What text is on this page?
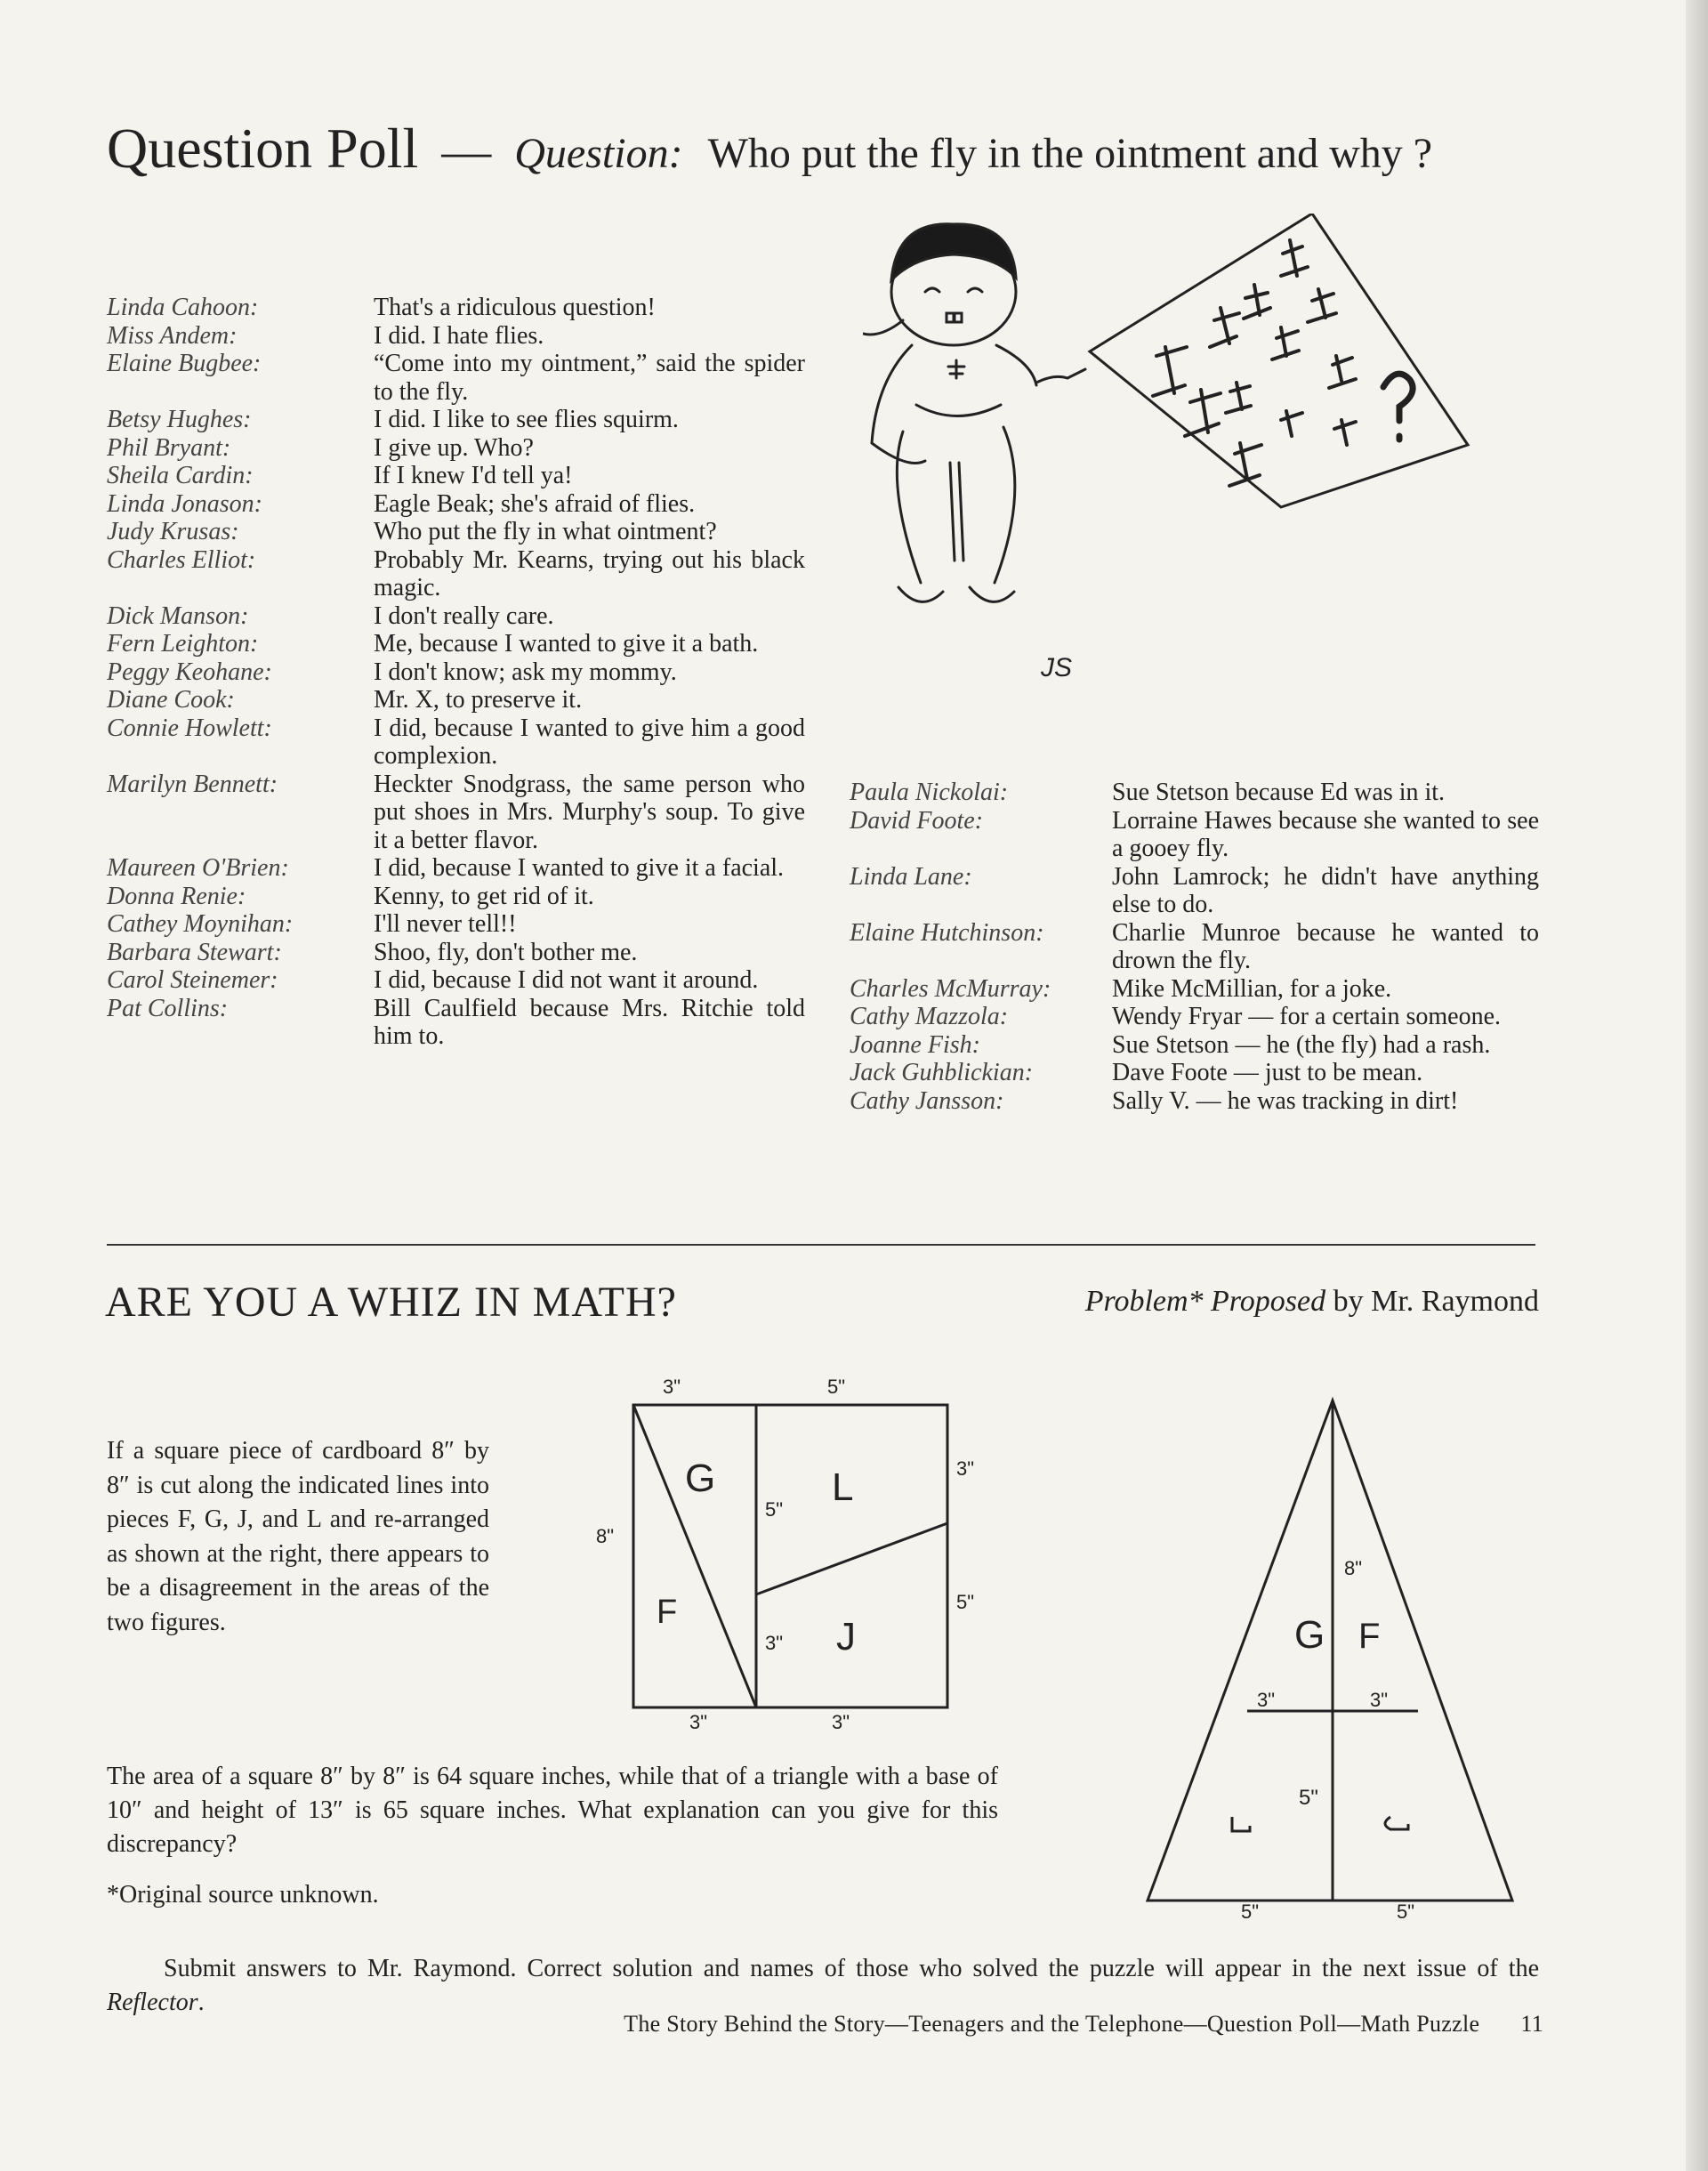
Question Poll — Question: Who put the fly in the ointment and why ?
Linda Cahoon:	That's a ridiculous question!
Miss Andem:	I did. I hate flies.
Elaine Bugbee:	“Come into my ointment,” said the spider to the fly.
Betsy Hughes:	I did. I like to see flies squirm.
Phil Bryant:	I give up. Who?
Sheila Cardin:	If I knew I'd tell ya!
Linda Jonason:	Eagle Beak; she's afraid of flies.
Judy Krusas:	Who put the fly in what ointment?
Charles Elliot:	Probably Mr. Kearns, trying out his black magic.
Dick Manson:	I don't really care.
Fern Leighton:	Me, because I wanted to give it a bath.
Peggy Keohane:	I don't know; ask my mommy.
Diane Cook:	Mr. X, to preserve it.
Connie Howlett:	I did, because I wanted to give him a good complexion.
Marilyn Bennett:	Heckter Snodgrass, the same person who put shoes in Mrs. Murphy's soup. To give it a better flavor.
Maureen O'Brien:	I did, because I wanted to give it a facial.
Donna Renie:	Kenny, to get rid of it.
Cathey Moynihan:	I'll never tell!!
Barbara Stewart:	Shoo, fly, don't bother me.
Carol Steinemer:	I did, because I did not want it around.
Pat Collins:	Bill Caulfield because Mrs. Ritchie told him to.
Paula Nickolai:	Sue Stetson because Ed was in it.
David Foote:	Lorraine Hawes because she wanted to see a gooey fly.
Linda Lane:	John Lamrock; he didn't have anything else to do.
Elaine Hutchinson:	Charlie Munroe because he wanted to drown the fly.
Charles McMurray:	Mike McMillian, for a joke.
Cathy Mazzola:	Wendy Fryar — for a certain someone.
Joanne Fish:	Sue Stetson — he (the fly) had a rash.
Jack Guhblickian:	Dave Foote — just to be mean.
Cathy Jansson:	Sally V. — he was tracking in dirt!
JS
ARE YOU A WHIZ IN MATH?	Problem* Proposed by Mr. Raymond
If a square piece of cardboard 8″ by 8″ is cut along the indicated lines into pieces F, G, J, and L and re-arranged as shown at the right, there appears to be a disagreement in the areas of the two figures.
G	L
F
J
3"	5"
3"
5"
8"
5"
3"
3"	3"
G F
8"
3"	3"
5"
5"	5"
The area of a square 8″ by 8″ is 64 square inches, while that of a triangle with a base of 10″ and height of 13″ is 65 square inches. What explanation can you give for this discrepancy?
*Original source unknown.
Submit answers to Mr. Raymond. Correct solution and names of those who solved the puzzle will appear in the next issue of the Reflector.
The Story Behind the Story—Teenagers and the Telephone—Question Poll—Math Puzzle 11
